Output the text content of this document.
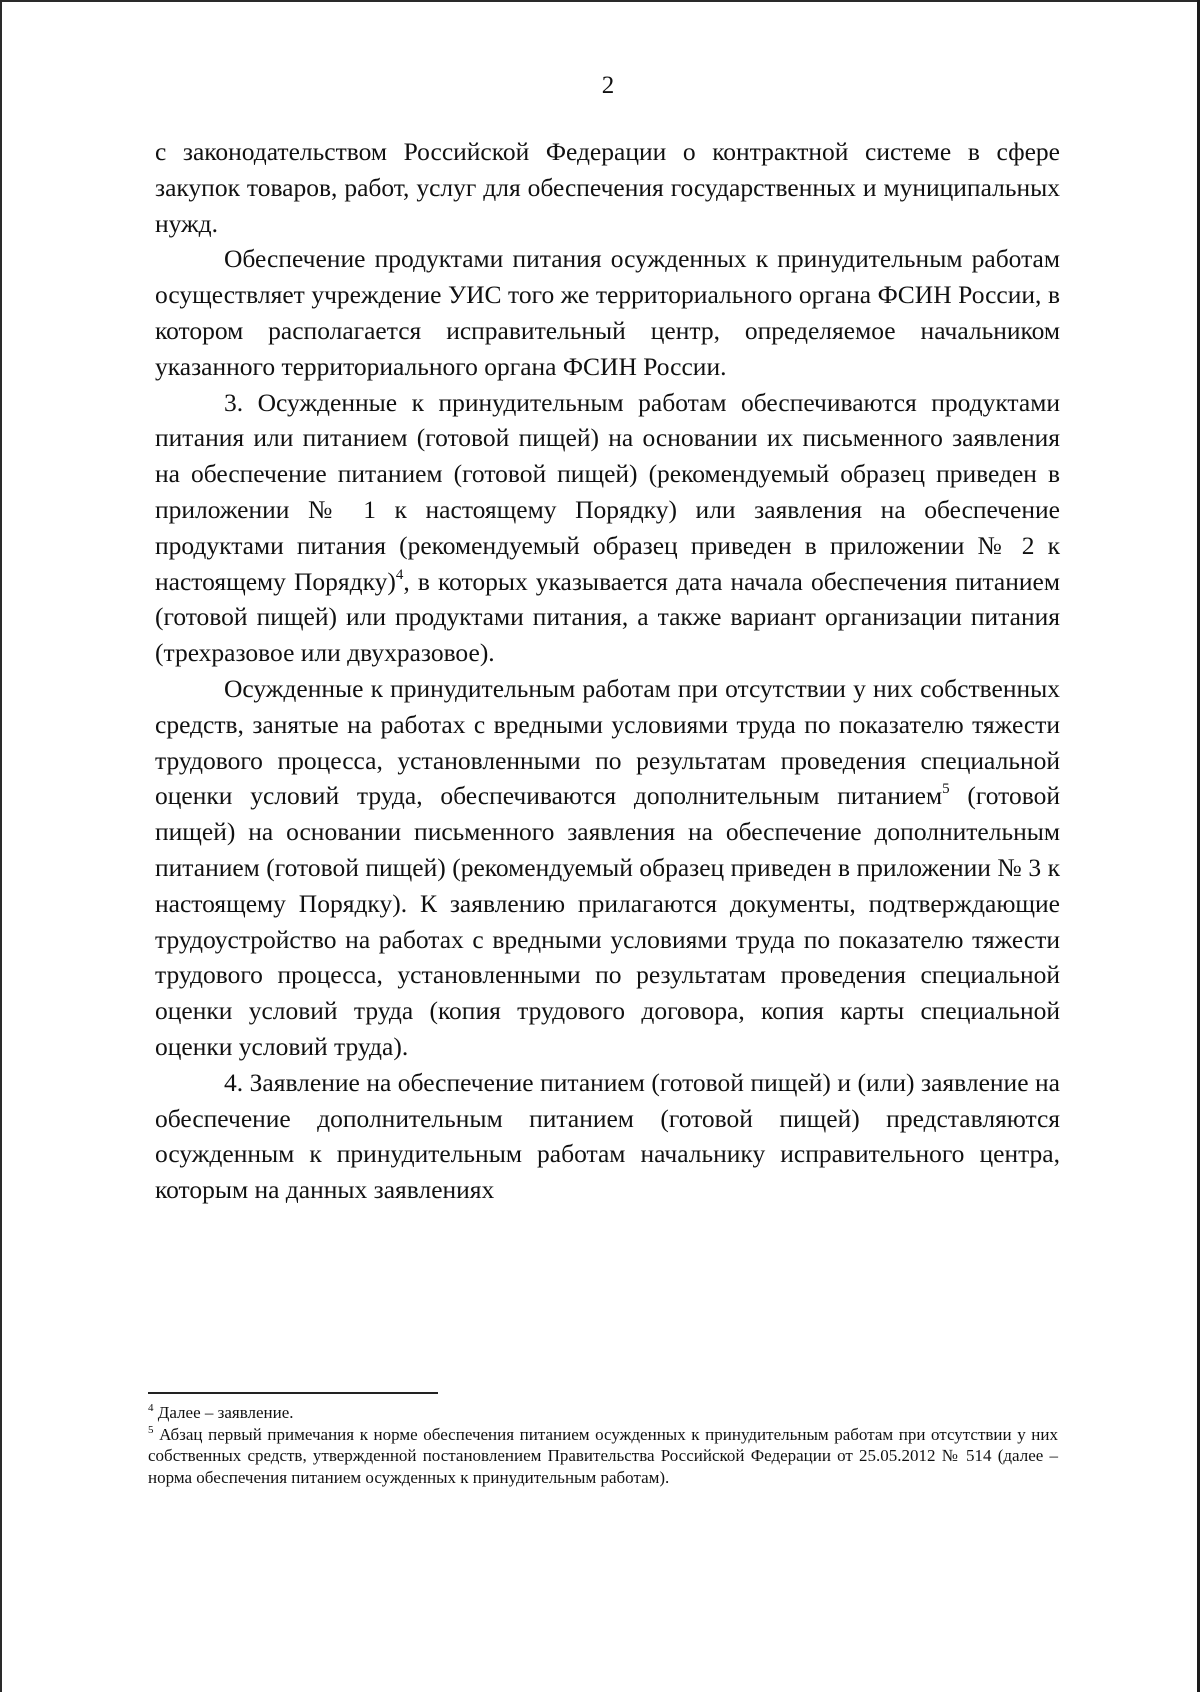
2

с законодательством Российской Федерации о контрактной системе в сфере закупок товаров, работ, услуг для обеспечения государственных и муниципальных нужд.

Обеспечение продуктами питания осужденных к принудительным работам осуществляет учреждение УИС того же территориального органа ФСИН России, в котором располагается исправительный центр, определяемое начальником указанного территориального органа ФСИН России.

3. Осужденные к принудительным работам обеспечиваются продуктами питания или питанием (готовой пищей) на основании их письменного заявления на обеспечение питанием (готовой пищей) (рекомендуемый образец приведен в приложении № 1 к настоящему Порядку) или заявления на обеспечение продуктами питания (рекомендуемый образец приведен в приложении № 2 к настоящему Порядку)$^4$, в которых указывается дата начала обеспечения питанием (готовой пищей) или продуктами питания, а также вариант организации питания (трехразовое или двухразовое).

Осужденные к принудительным работам при отсутствии у них собственных средств, занятые на работах с вредными условиями труда по показателю тяжести трудового процесса, установленными по результатам проведения специальной оценки условий труда, обеспечиваются дополнительным питанием$^5$ (готовой пищей) на основании письменного заявления на обеспечение дополнительным питанием (готовой пищей) (рекомендуемый образец приведен в приложении № 3 к настоящему Порядку). К заявлению прилагаются документы, подтверждающие трудоустройство на работах с вредными условиями труда по показателю тяжести трудового процесса, установленными по результатам проведения специальной оценки условий труда (копия трудового договора, копия карты специальной оценки условий труда).

4. Заявление на обеспечение питанием (готовой пищей) и (или) заявление на обеспечение дополнительным питанием (готовой пищей) представляются осужденным к принудительным работам начальнику исправительного центра, которым на данных заявлениях

$^4$ Далее – заявление.

$^5$ Абзац первый примечания к норме обеспечения питанием осужденных к принудительным работам при отсутствии у них собственных средств, утвержденной постановлением Правительства Российской Федерации от 25.05.2012 № 514 (далее – норма обеспечения питанием осужденных к принудительным работам).
